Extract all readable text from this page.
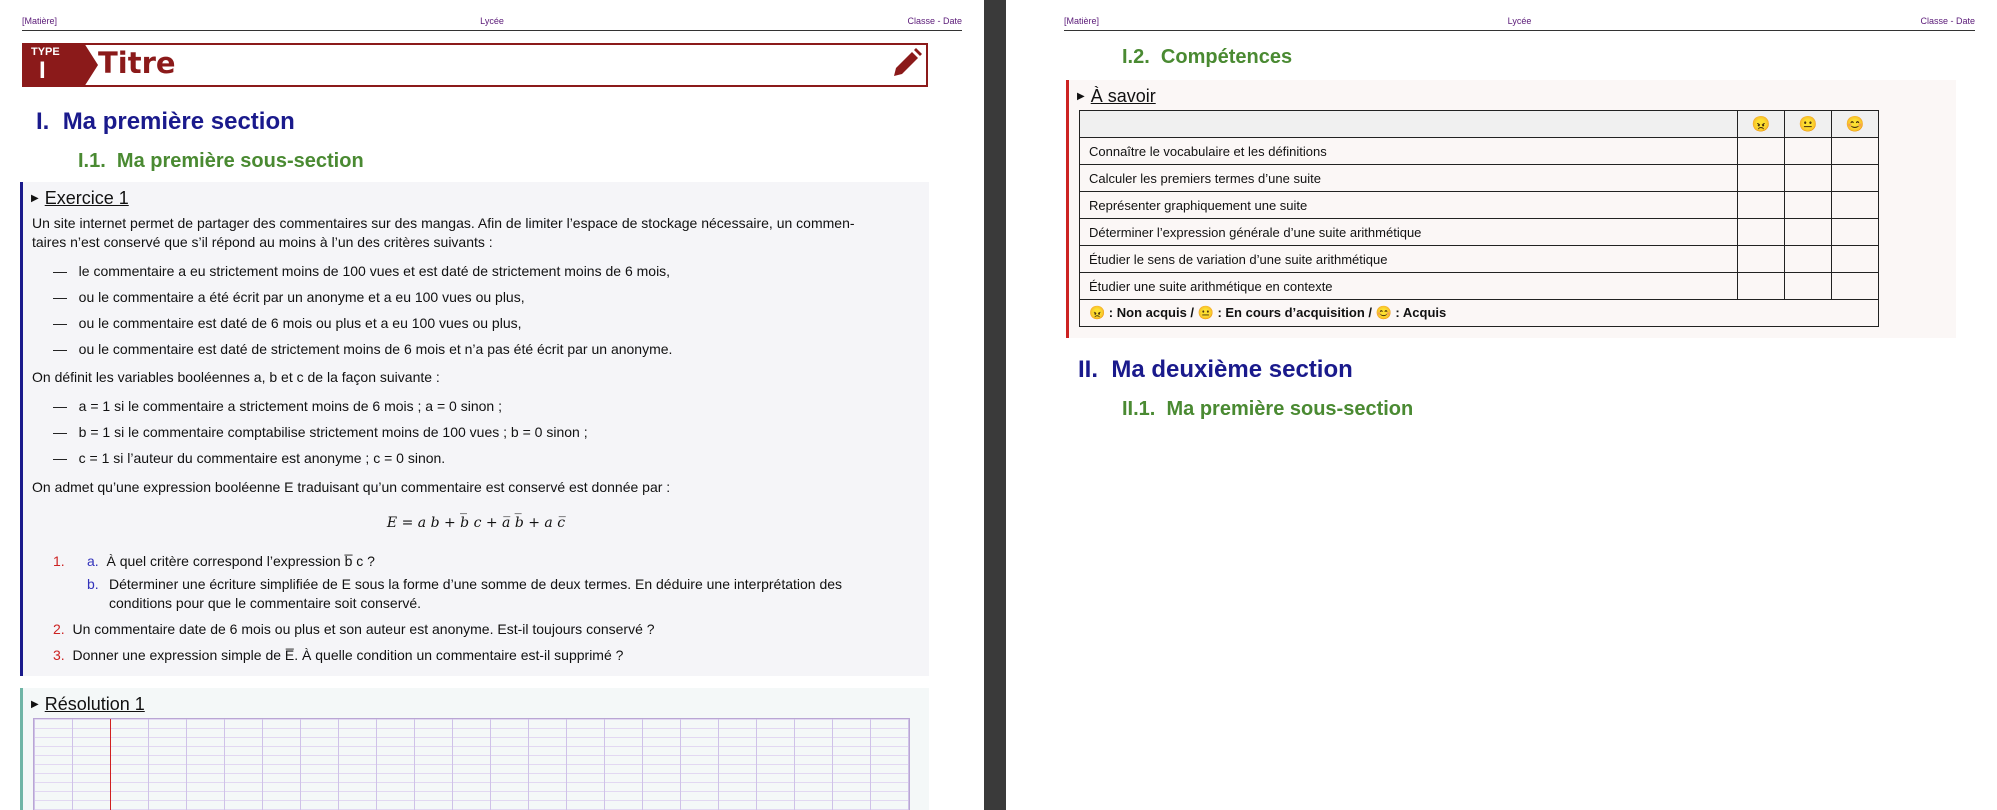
[Matière]	Lycée	Classe - Date
TYPE
I Titre
I. Ma première section
I.1. Ma première sous-section
▶ Exercice 1
Un site internet permet de partager des commentaires sur des mangas. Afin de limiter l’espace de stockage nécessaire, un commen-
taires n’est conservé que s’il répond au moins à l’un des critères suivants :
—   le commentaire a eu strictement moins de 100 vues et est daté de strictement moins de 6 mois,
—   ou le commentaire a été écrit par un anonyme et a eu 100 vues ou plus,
—   ou le commentaire est daté de 6 mois ou plus et a eu 100 vues ou plus,
—   ou le commentaire est daté de strictement moins de 6 mois et n’a pas été écrit par un anonyme.
On définit les variables booléennes a, b et c de la façon suivante :
—   a = 1 si le commentaire a strictement moins de 6 mois ; a = 0 sinon ;
—   b = 1 si le commentaire comptabilise strictement moins de 100 vues ; b = 0 sinon ;
—   c = 1 si l’auteur du commentaire est anonyme ; c = 0 sinon.
On admet qu’une expression booléenne E traduisant qu’un commentaire est conservé est donnée par :
E = a b + b̅ c + a̅ b̅ + a c̅
1. a. À quel critère correspond l’expression b̅ c ?
b. Déterminer une écriture simplifiée de E sous la forme d’une somme de deux termes. En déduire une interprétation des
conditions pour que le commentaire soit conservé.
2. Un commentaire date de 6 mois ou plus et son auteur est anonyme. Est-il toujours conservé ?
3. Donner une expression simple de E̅. À quelle condition un commentaire est-il supprimé ?
▶ Résolution 1
[Matière]	Lycée	Classe - Date
I.2. Compétences
▶ À savoir
	😠	😐	😊
Connaître le vocabulaire et les définitions			
Calculer les premiers termes d’une suite			
Représenter graphiquement une suite			
Déterminer l’expression générale d’une suite arithmétique			
Étudier le sens de variation d’une suite arithmétique			
Étudier une suite arithmétique en contexte			
😠 : Non acquis / 😐 : En cours d’acquisition / 😊 : Acquis			
II. Ma deuxième section
II.1. Ma première sous-section
